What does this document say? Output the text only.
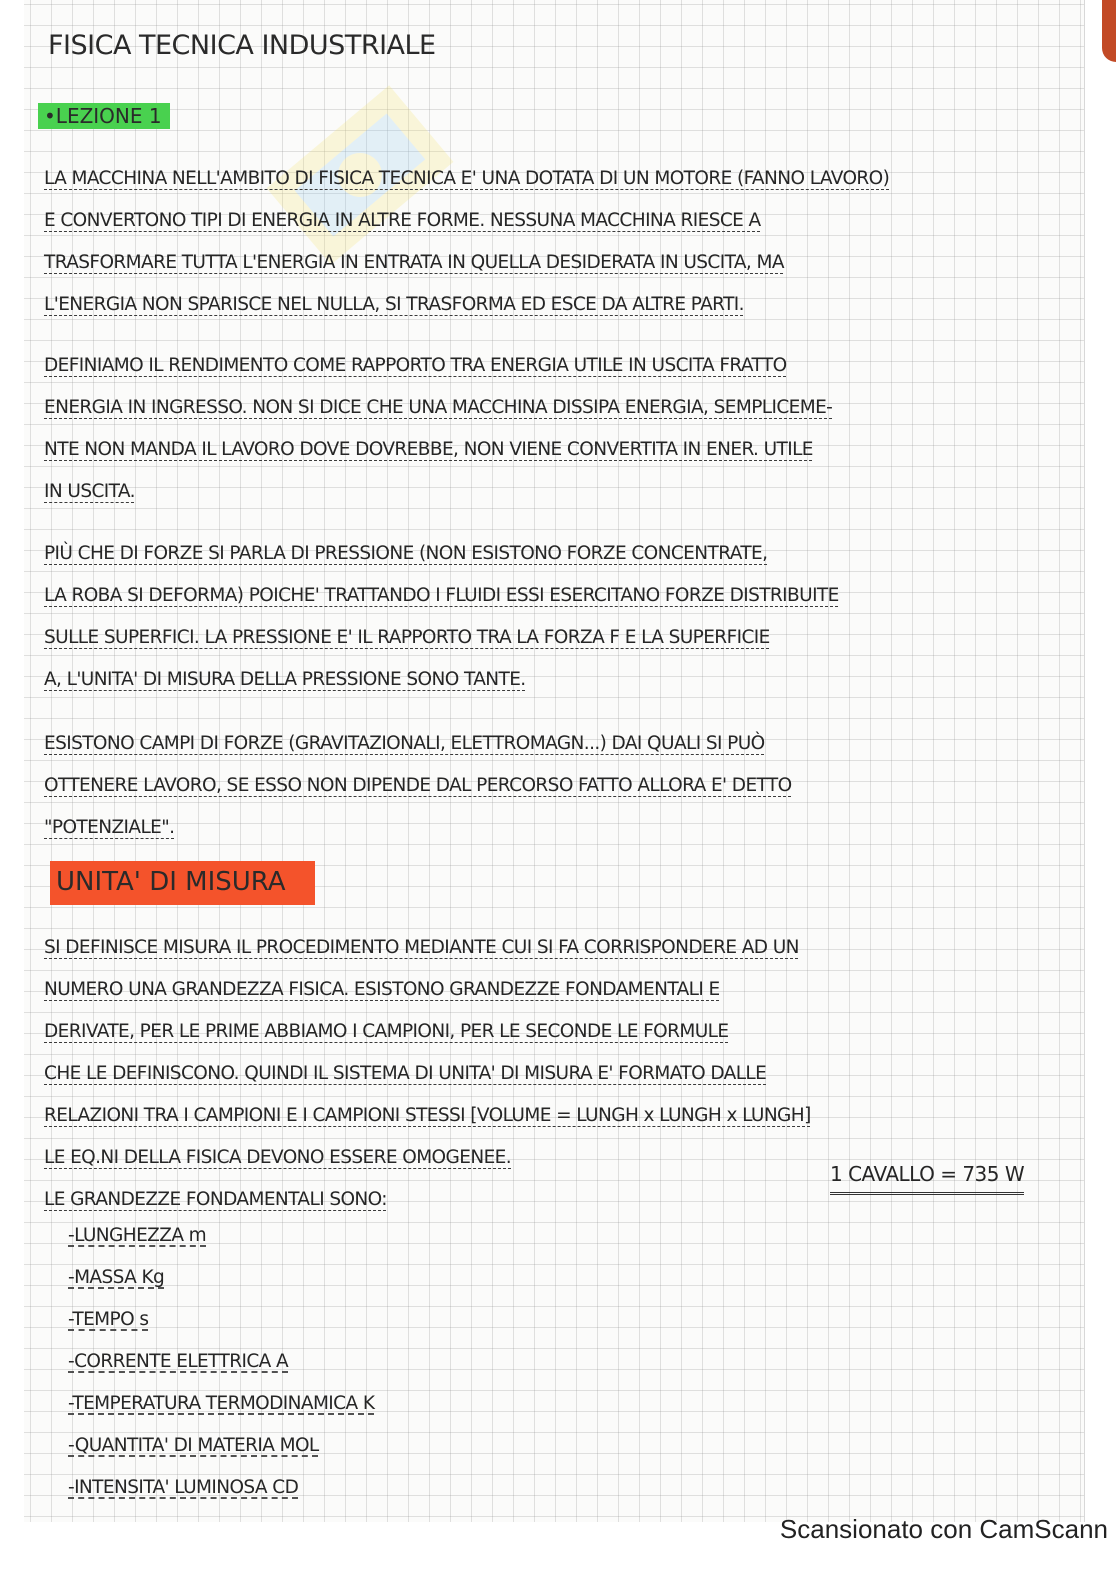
FISICA TECNICA INDUSTRIALE
•LEZIONE 1
LA MACCHINA NELL'AMBITO DI FISICA TECNICA E' UNA DOTATA DI UN MOTORE (FANNO LAVORO)
E CONVERTONO TIPI DI ENERGIA IN ALTRE FORME. NESSUNA MACCHINA RIESCE A
TRASFORMARE TUTTA L'ENERGIA IN ENTRATA IN QUELLA DESIDERATA IN USCITA, MA
L'ENERGIA NON SPARISCE NEL NULLA, SI TRASFORMA ED ESCE DA ALTRE PARTI.
DEFINIAMO IL RENDIMENTO COME RAPPORTO TRA ENERGIA UTILE IN USCITA FRATTO
ENERGIA IN INGRESSO. NON SI DICE CHE UNA MACCHINA DISSIPA ENERGIA, SEMPLICEME-
NTE NON MANDA IL LAVORO DOVE DOVREBBE, NON VIENE CONVERTITA IN ENER. UTILE
IN USCITA.
PIÙ CHE DI FORZE SI PARLA DI PRESSIONE (NON ESISTONO FORZE CONCENTRATE,
LA ROBA SI DEFORMA) POICHE' TRATTANDO I FLUIDI ESSI ESERCITANO FORZE DISTRIBUITE
SULLE SUPERFICI. LA PRESSIONE E' IL RAPPORTO TRA LA FORZA F E LA SUPERFICIE
A, L'UNITA' DI MISURA DELLA PRESSIONE SONO TANTE.
ESISTONO CAMPI DI FORZE (GRAVITAZIONALI, ELETTROMAGN...) DAI QUALI SI PUÒ
OTTENERE LAVORO, SE ESSO NON DIPENDE DAL PERCORSO FATTO ALLORA E' DETTO
"POTENZIALE".
UNITA' DI MISURA
SI DEFINISCE MISURA IL PROCEDIMENTO MEDIANTE CUI SI FA CORRISPONDERE AD UN
NUMERO UNA GRANDEZZA FISICA. ESISTONO GRANDEZZE FONDAMENTALI E
DERIVATE, PER LE PRIME ABBIAMO I CAMPIONI, PER LE SECONDE LE FORMULE
CHE LE DEFINISCONO. QUINDI IL SISTEMA DI UNITA' DI MISURA E' FORMATO DALLE
RELAZIONI TRA I CAMPIONI E I CAMPIONI STESSI [VOLUME = LUNGH x LUNGH x LUNGH]
LE EQ.NI DELLA FISICA DEVONO ESSERE OMOGENEE.
LE GRANDEZZE FONDAMENTALI SONO:
1 CAVALLO = 735 W
-LUNGHEZZA m
-MASSA Kg
-TEMPO s
-CORRENTE ELETTRICA A
-TEMPERATURA TERMODINAMICA K
-QUANTITA' DI MATERIA MOL
-INTENSITA' LUMINOSA CD
Scansionato con CamScann
